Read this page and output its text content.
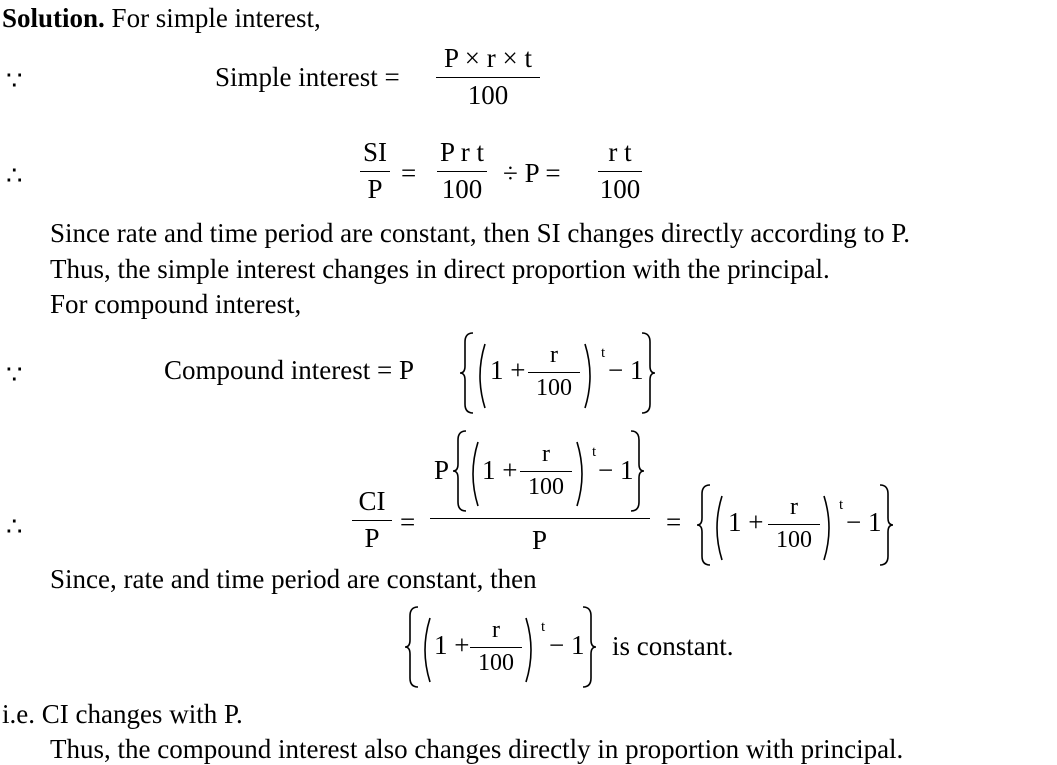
Solution. For simple interest,
∵	Simple interest =
P × r × t
100
∴
SI
P
=
P r t
100
÷ P =
r t
100
Since rate and time period are constant, then SI changes directly according to P.
Thus, the simple interest changes in direct proportion with the principal.
For compound interest,
∵	Compound interest = P	1 +	r
100
t
− 1
∴
CI
P
=
P 1 +
r
100
t
− 1
P
= 1 +	r
100
t
− 1
Since, rate and time period are constant, then
1 + r
100
t
− 1 is constant.
i.e. CI changes with P.
Thus, the compound interest also changes directly in proportion with principal.
